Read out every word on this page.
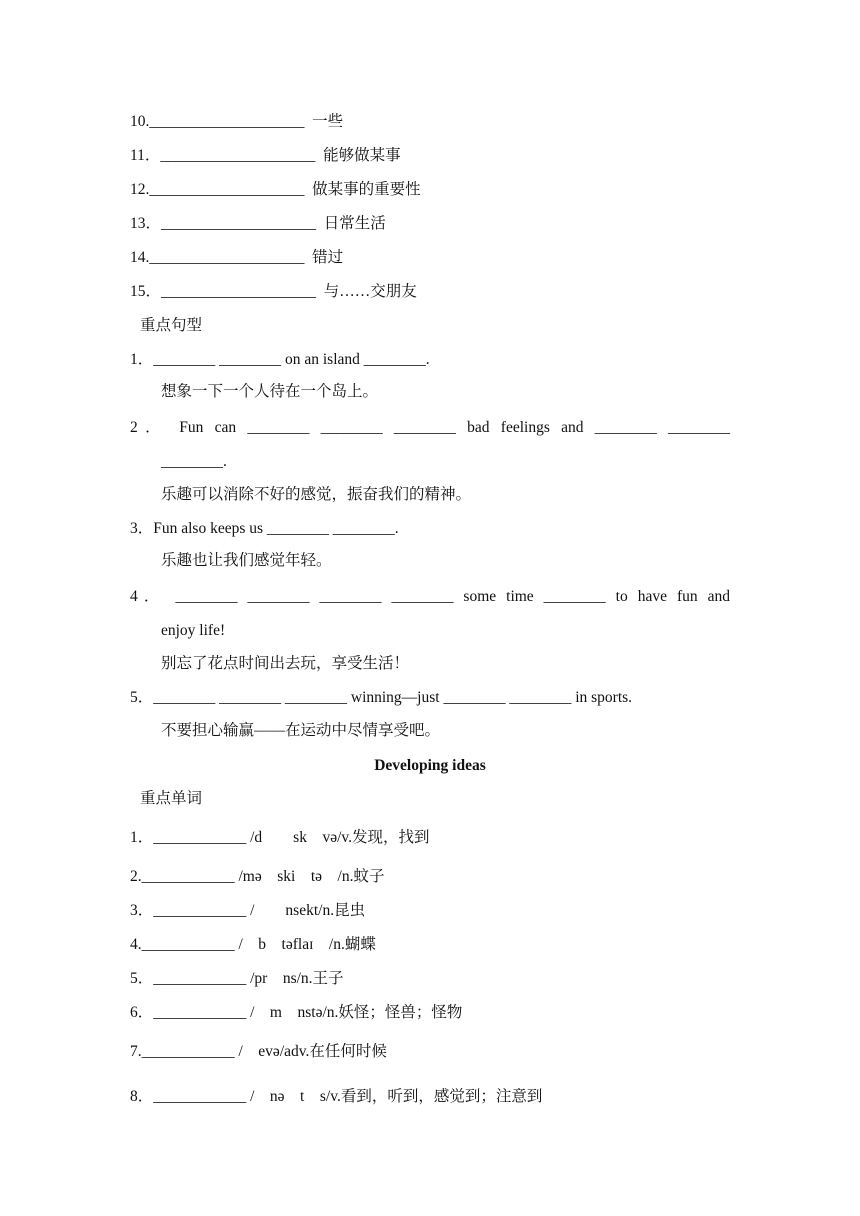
10.____________________  一些
11．____________________  能够做某事
12.____________________  做某事的重要性
13．____________________  日常生活
14.____________________  错过
15．____________________  与……交朋友
重点句型
1．________ ________ on an island ________.
想象一下一个人待在一个岛上。
2． Fun can ________ ________ ________ bad feelings and ________ ________
________.
乐趣可以消除不好的感觉，振奋我们的精神。
3．Fun also keeps us ________ ________.
乐趣也让我们感觉年轻。
4． ________ ________ ________ ________ some time ________ to have fun and
enjoy life!
别忘了花点时间出去玩，享受生活！
5．________ ________ ________ winning—just ________ ________ in sports.
不要担心输赢——在运动中尽情享受吧。
Developing ideas
重点单词
1．____________ /d        sk    və/v.发现，找到
2.____________ /mə    ski    tə    /n.蚊子
3．____________ /        nsekt/n.昆虫
4.____________ /    b    təflaɪ    /n.蝴蝶
5．____________ /pr    ns/n.王子
6．____________ /    m    nstə/n.妖怪；怪兽；怪物
7.____________ /    evə/adv.在任何时候
8．____________ /    nə    t    s/v.看到，听到，感觉到；注意到
